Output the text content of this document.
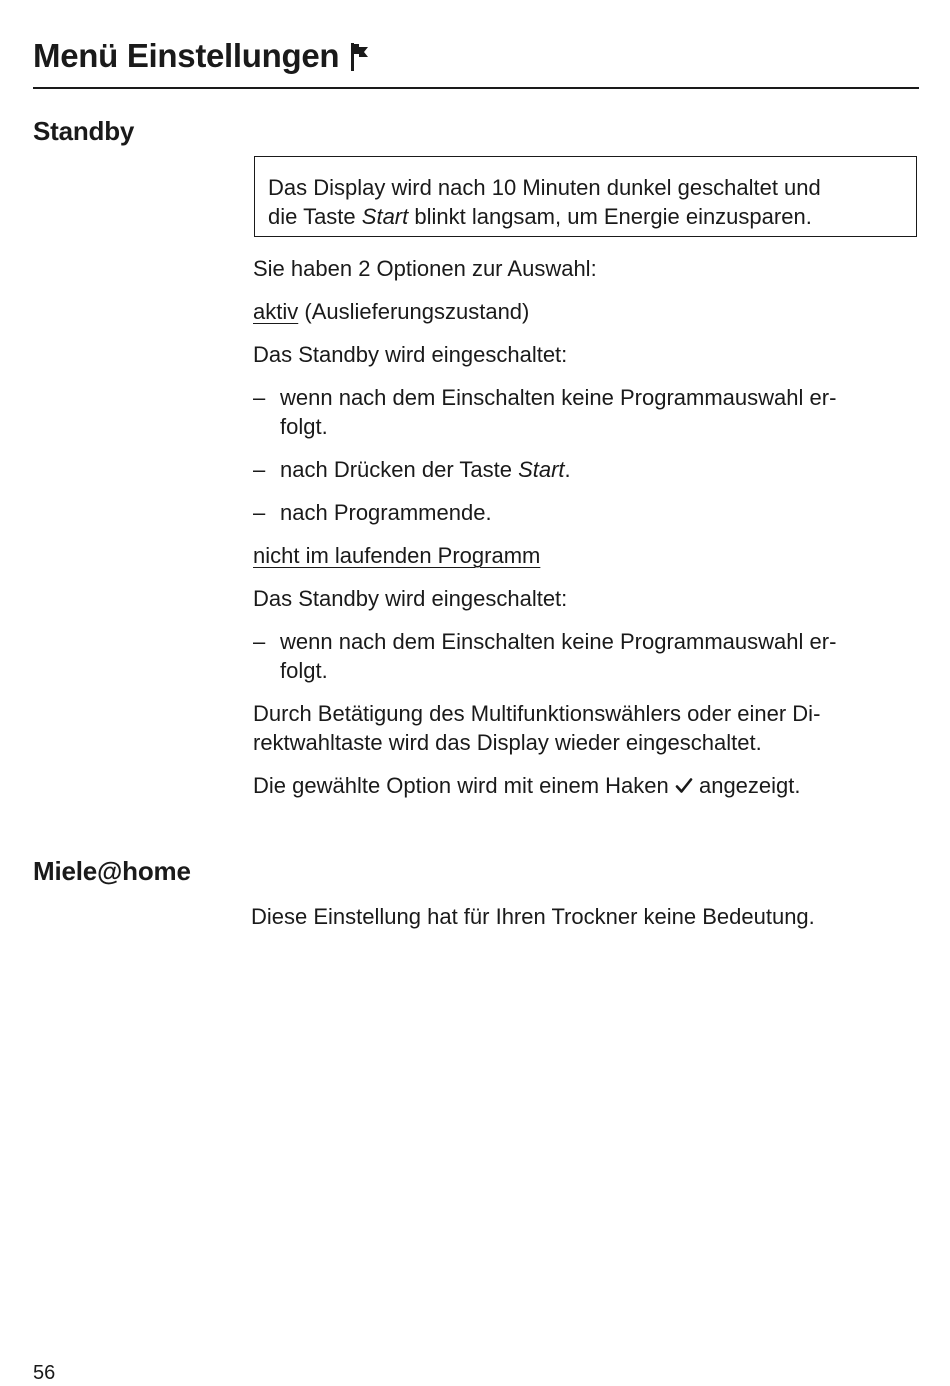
Menü Einstellungen
Standby
Das Display wird nach 10 Minuten dunkel geschaltet und
die Taste Start blinkt langsam, um Energie einzusparen.

Sie haben 2 Optionen zur Auswahl:

aktiv (Auslieferungszustand)

Das Standby wird eingeschaltet:

– wenn nach dem Einschalten keine Programmauswahl er-
folgt.
– nach Drücken der Taste Start.
– nach Programmende.

nicht im laufenden Programm

Das Standby wird eingeschaltet:

– wenn nach dem Einschalten keine Programmauswahl er-
folgt.
Durch Betätigung des Multifunktionswählers oder einer Di-
rektwahltaste wird das Display wieder eingeschaltet.

Die gewählte Option wird mit einem Haken  angezeigt.

Miele@home
Diese Einstellung hat für Ihren Trockner keine Bedeutung.
56
